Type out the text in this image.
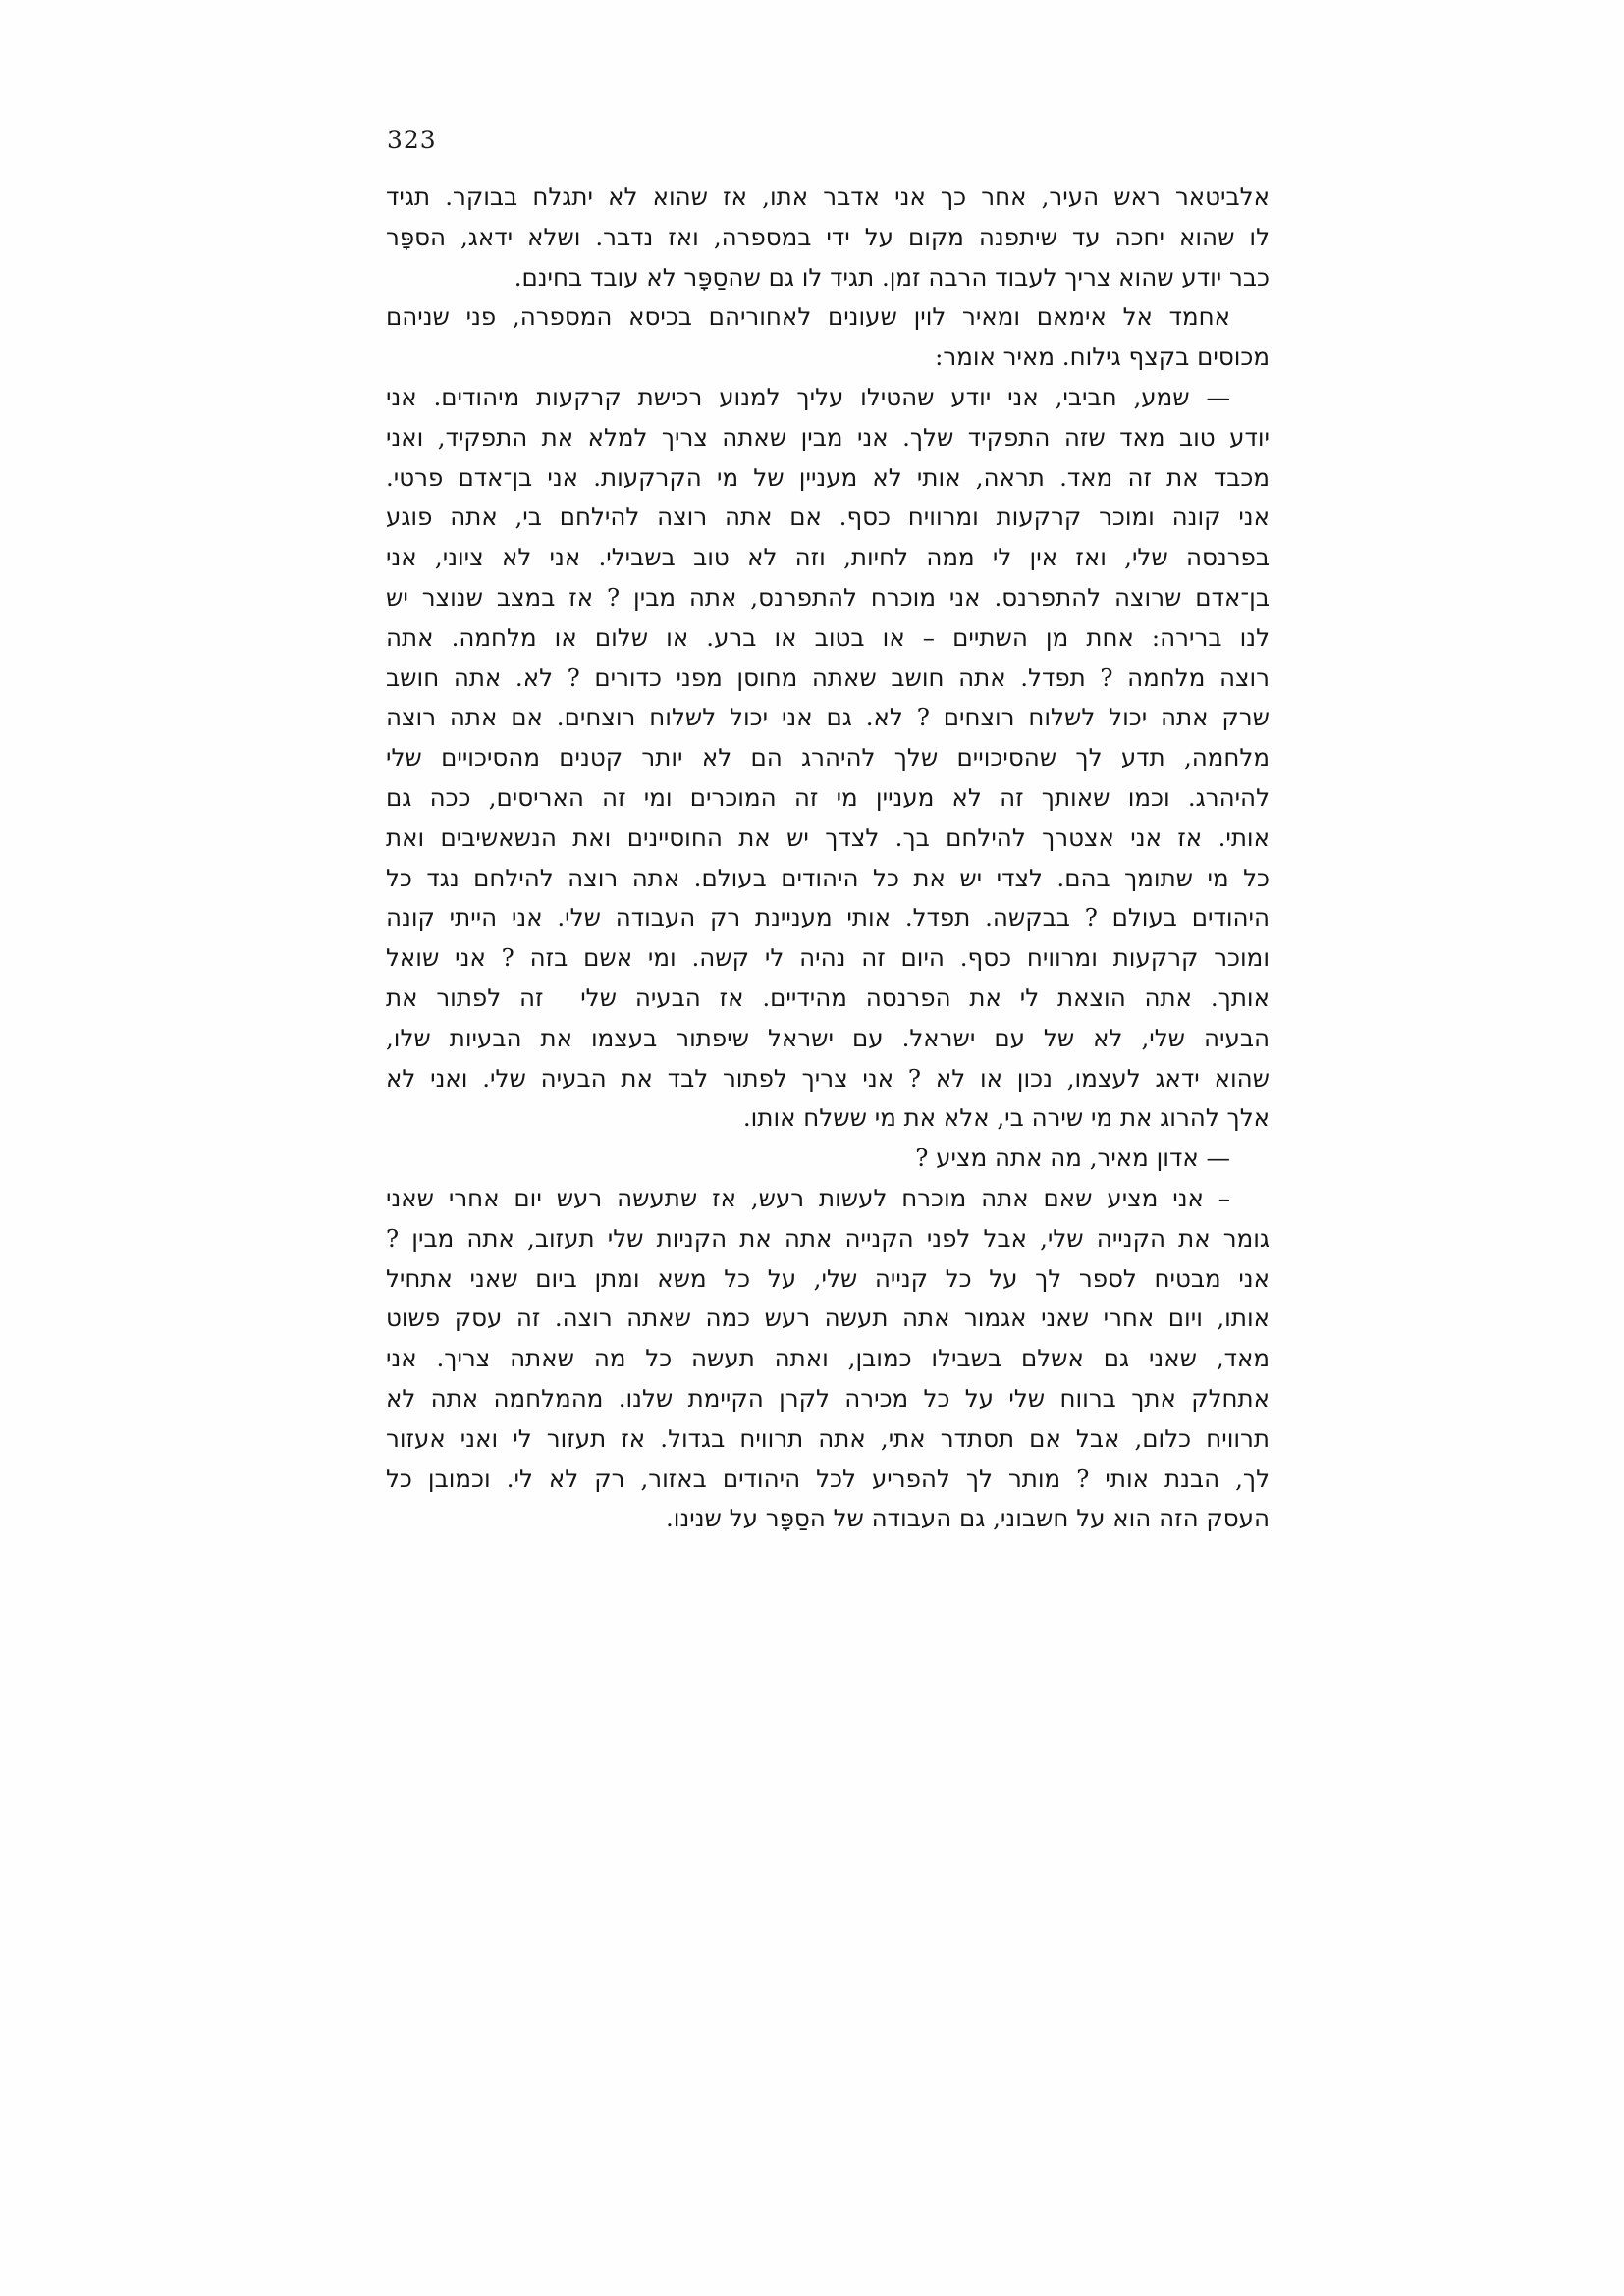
323
אלביטאר ראש העיר, אחר כך אני אדבר אתו, אז שהוא לא יתגלח בבוקר. תגיד
לו שהוא יחכה עד שיתפנה מקום על ידי במספרה, ואז נדבר. ושלא ידאג, הספָּר
כבר יודע שהוא צריך לעבוד הרבה זמן. תגיד לו גם שהסַפָּר לא עובד בחינם.
אחמד אל אימאם ומאיר לוין שעונים לאחוריהם בכיסא המספרה, פני שניהם
מכוסים בקצף גילוח. מאיר אומר:
— שמע, חביבי, אני יודע שהטילו עליך למנוע רכישת קרקעות מיהודים. אני
יודע טוב מאד שזה התפקיד שלך. אני מבין שאתה צריך למלא את התפקיד, ואני
מכבד את זה מאד. תראה, אותי לא מעניין של מי הקרקעות. אני בן־אדם פרטי.
אני קונה ומוכר קרקעות ומרוויח כסף. אם אתה רוצה להילחם בי, אתה פוגע
בפרנסה שלי, ואז אין לי ממה לחיות, וזה לא טוב בשבילי. אני לא ציוני, אני
בן־אדם שרוצה להתפרנס. אני מוכרח להתפרנס, אתה מבין ? אז במצב שנוצר יש
לנו ברירה: אחת מן השתיים – או בטוב או ברע. או שלום או מלחמה. אתה
רוצה מלחמה ? תפדל. אתה חושב שאתה מחוסן מפני כדורים ? לא. אתה חושב
שרק אתה יכול לשלוח רוצחים ? לא. גם אני יכול לשלוח רוצחים. אם אתה רוצה
מלחמה, תדע לך שהסיכויים שלך להיהרג הם לא יותר קטנים מהסיכויים שלי
להיהרג. וכמו שאותך זה לא מעניין מי זה המוכרים ומי זה האריסים, ככה גם
אותי. אז אני אצטרך להילחם בך. לצדך יש את החוסיינים ואת הנשאשיבים ואת
כל מי שתומך בהם. לצדי יש את כל היהודים בעולם. אתה רוצה להילחם נגד כל
היהודים בעולם ? בבקשה. תפדל. אותי מעניינת רק העבודה שלי. אני הייתי קונה
ומוכר קרקעות ומרוויח כסף. היום זה נהיה לי קשה. ומי אשם בזה ? אני שואל
אותך. אתה הוצאת לי את הפרנסה מהידיים. אז הבעיה שלי  זה לפתור את
הבעיה שלי, לא של עם ישראל. עם ישראל שיפתור בעצמו את הבעיות שלו,
שהוא ידאג לעצמו, נכון או לא ? אני צריך לפתור לבד את הבעיה שלי. ואני לא
אלך להרוג את מי שירה בי, אלא את מי ששלח אותו.
— אדון מאיר, מה אתה מציע ?
– אני מציע שאם אתה מוכרח לעשות רעש, אז שתעשה רעש יום אחרי שאני
גומר את הקנייה שלי, אבל לפני הקנייה אתה את הקניות שלי תעזוב, אתה מבין ?
אני מבטיח לספר לך על כל קנייה שלי, על כל משא ומתן ביום שאני אתחיל
אותו, ויום אחרי שאני אגמור אתה תעשה רעש כמה שאתה רוצה. זה עסק פשוט
מאד, שאני גם אשלם בשבילו כמובן, ואתה תעשה כל מה שאתה צריך. אני
אתחלק אתך ברווח שלי על כל מכירה לקרן הקיימת שלנו. מהמלחמה אתה לא
תרוויח כלום, אבל אם תסתדר אתי, אתה תרוויח בגדול. אז תעזור לי ואני אעזור
לך, הבנת אותי ? מותר לך להפריע לכל היהודים באזור, רק לא לי. וכמובן כל
העסק הזה הוא על חשבוני, גם העבודה של הסַפָּר על שנינו.
